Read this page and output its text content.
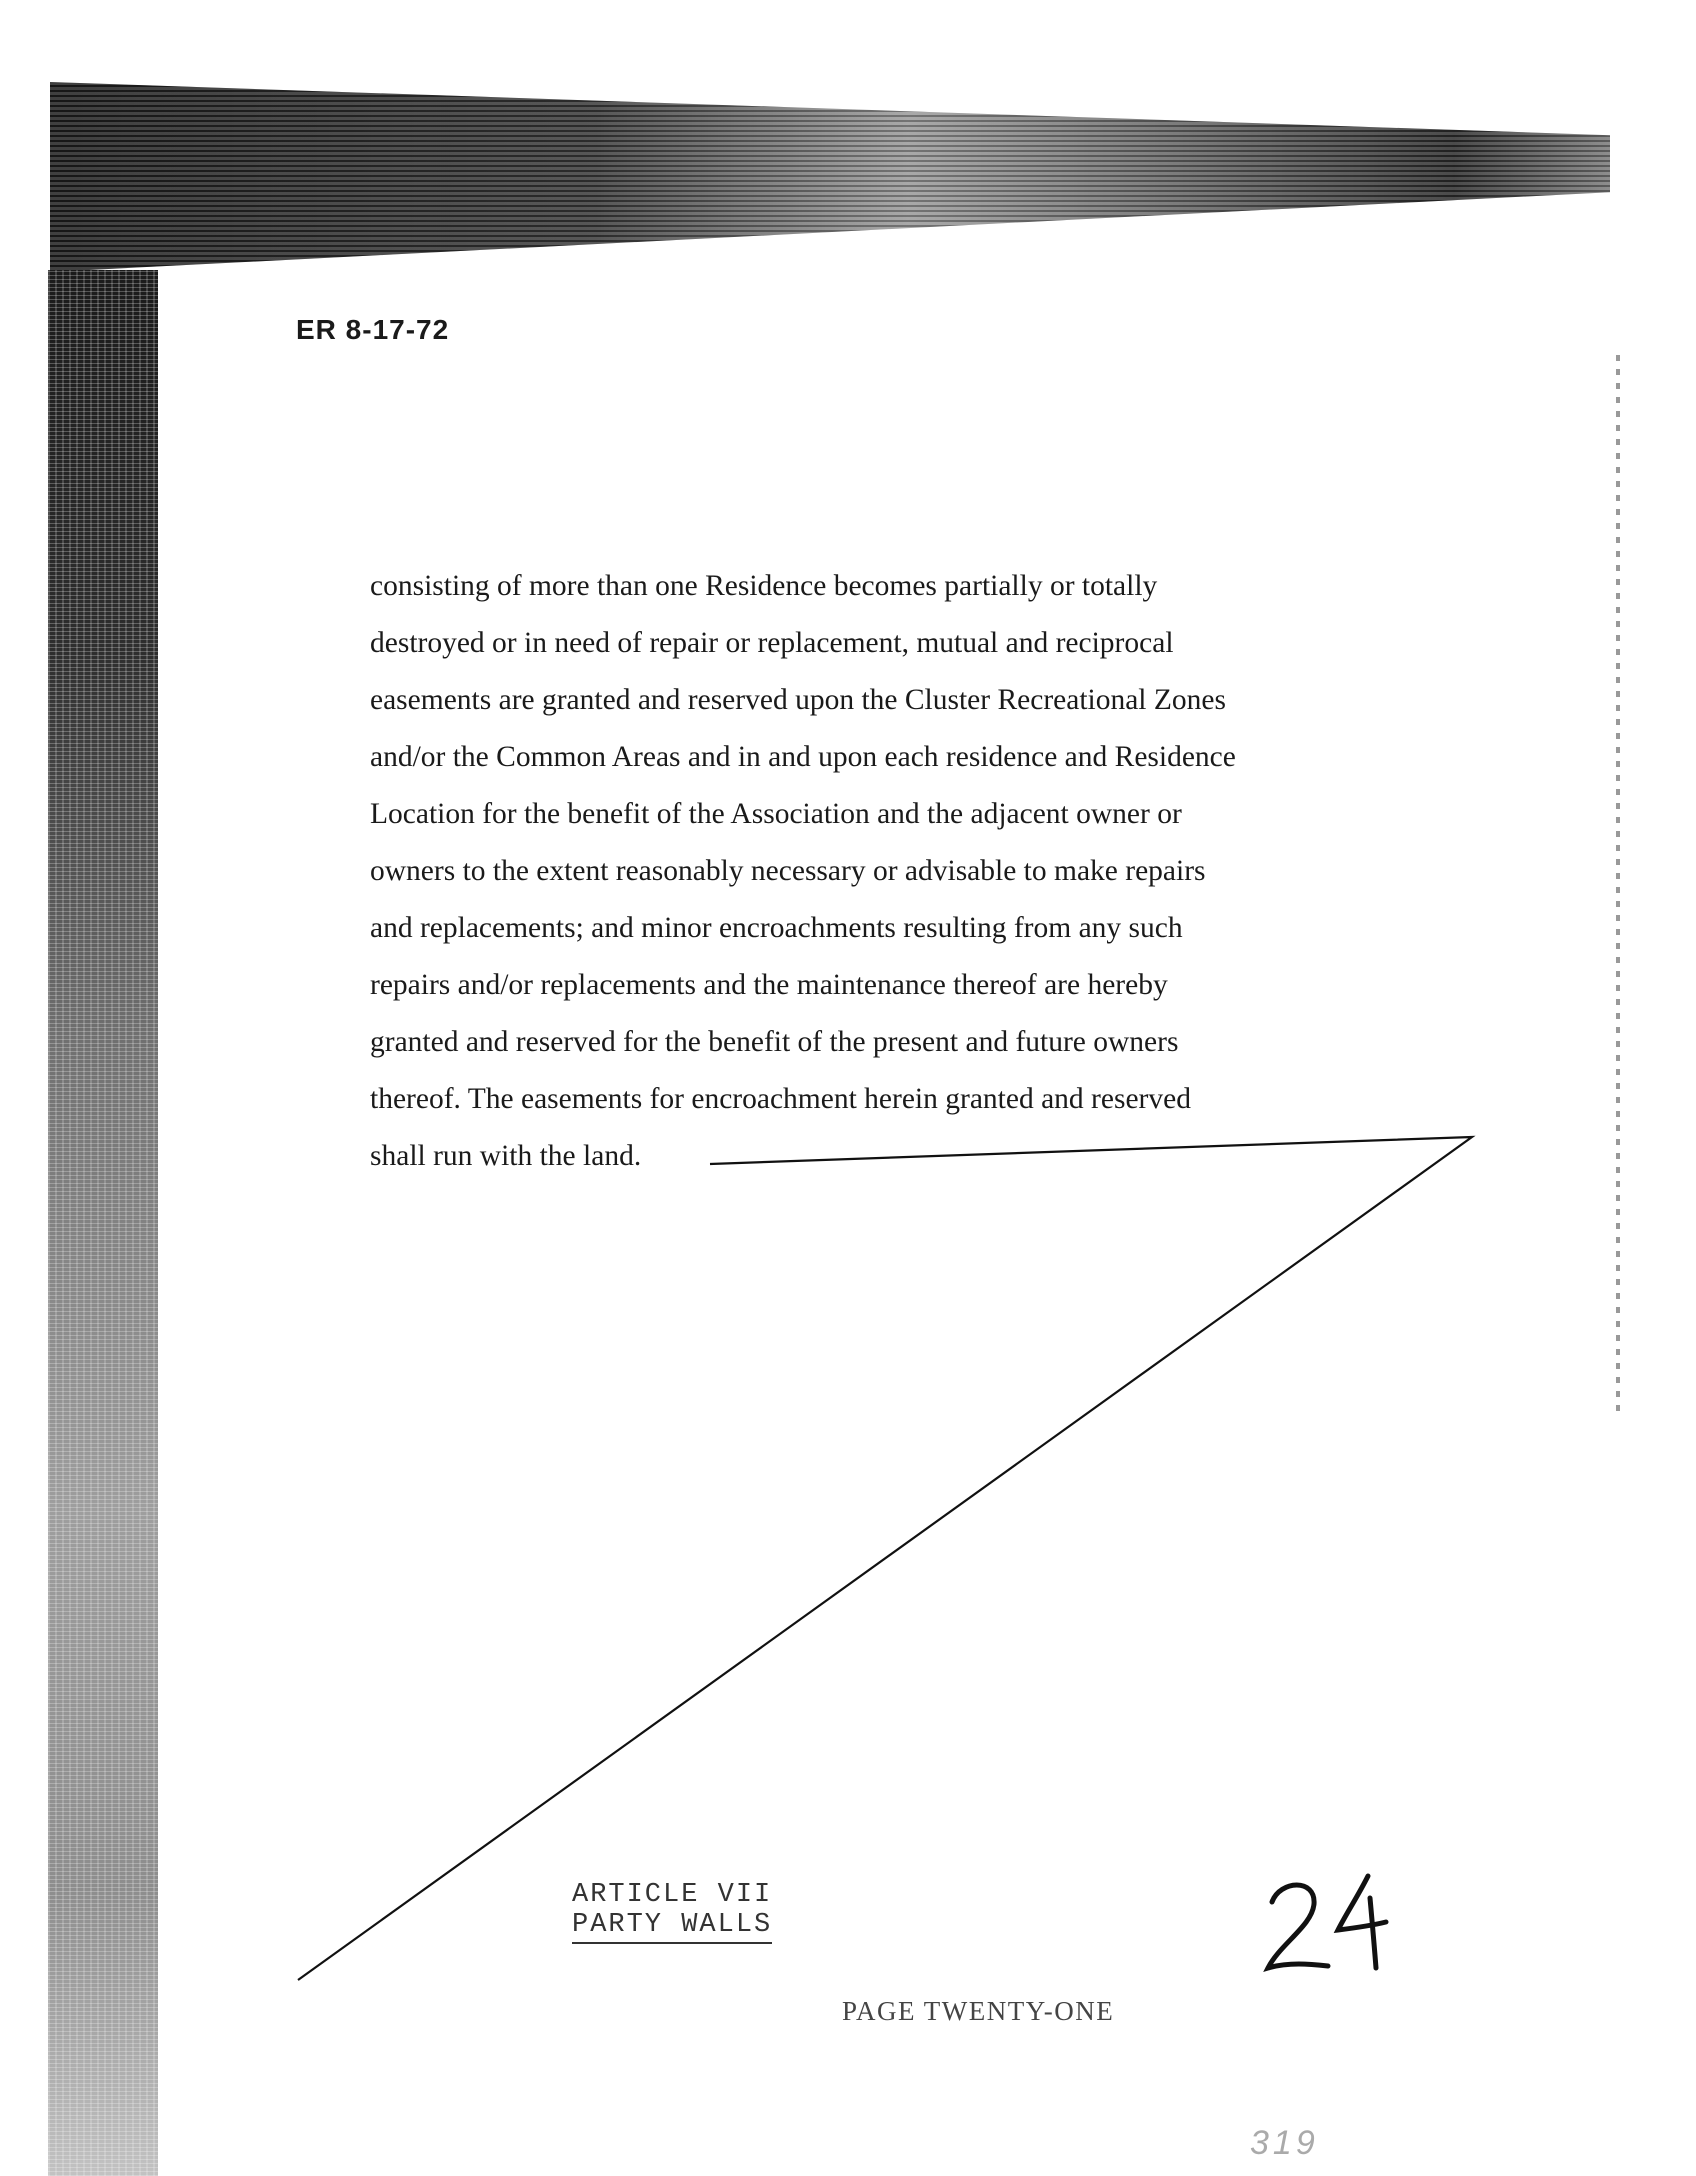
ER 8-17-72
consisting of more than one Residence becomes partially or totally
destroyed or in need of repair or replacement, mutual and reciprocal
easements are granted and reserved upon the Cluster Recreational Zones
and/or the Common Areas and in and upon each residence and Residence
Location for the benefit of the Association and the adjacent owner or
owners to the extent reasonably necessary or advisable to make repairs
and replacements; and minor encroachments resulting from any such
repairs and/or replacements and the maintenance thereof are hereby
granted and reserved for the benefit of the present and future owners
thereof. The easements for encroachment herein granted and reserved
shall run with the land.
ARTICLE VII
PARTY WALLS
PAGE TWENTY-ONE
319
